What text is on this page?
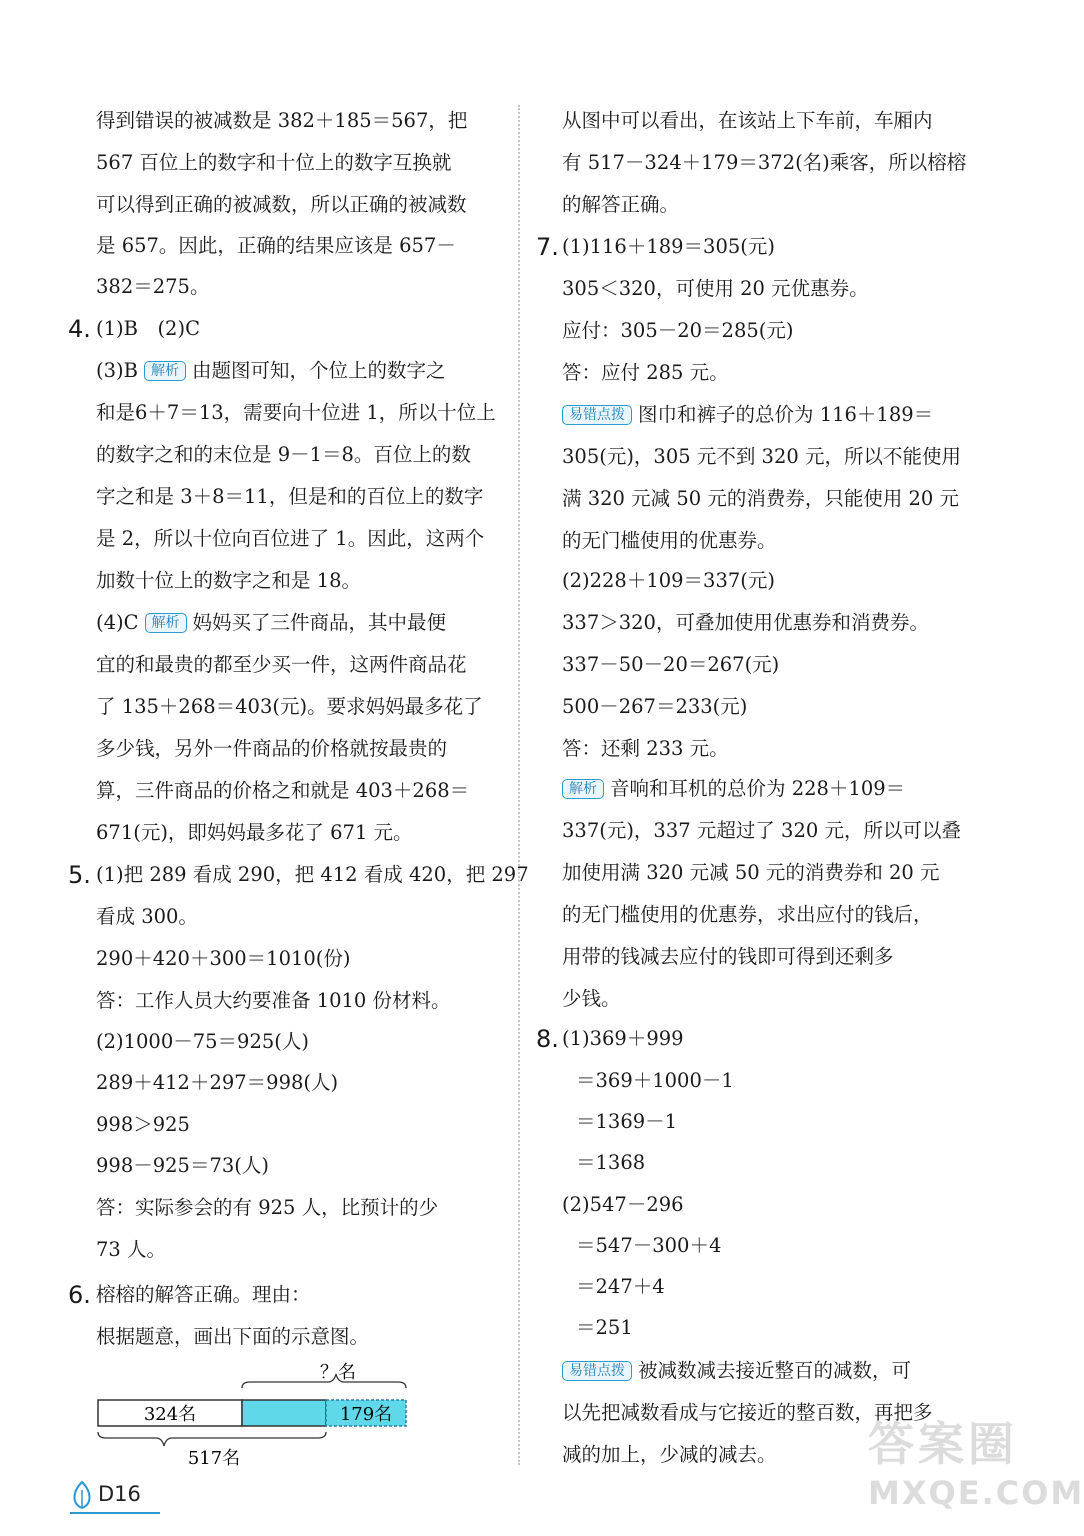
得到错误的被减数是 382＋185＝567，把
567 百位上的数字和十位上的数字互换就
可以得到正确的被减数，所以正确的被减数
是 657。因此，正确的结果应该是 657－
382＝275。
4. (1)B　(2)C
(3)B 解析 由题图可知，个位上的数字之
和是6＋7＝13，需要向十位进 1，所以十位上
的数字之和的末位是 9－1＝8。百位上的数
字之和是 3＋8＝11，但是和的百位上的数字
是 2，所以十位向百位进了 1。因此，这两个
加数十位上的数字之和是 18。
(4)C 解析 妈妈买了三件商品，其中最便
宜的和最贵的都至少买一件，这两件商品花
了 135＋268＝403(元)。要求妈妈最多花了
多少钱，另外一件商品的价格就按最贵的
算，三件商品的价格之和就是 403＋268＝
671(元)，即妈妈最多花了 671 元。
5. (1)把 289 看成 290，把 412 看成 420，把 297
看成 300。
290＋420＋300＝1010(份)
答：工作人员大约要准备 1010 份材料。
(2)1000－75＝925(人)
289＋412＋297＝998(人)
998＞925
998－925＝73(人)
答：实际参会的有 925 人，比预计的少
73 人。
6. 榕榕的解答正确。理由：
根据题意，画出下面的示意图。
？名
324名	179名
517名
从图中可以看出，在该站上下车前，车厢内
有 517－324＋179＝372(名)乘客，所以榕榕
的解答正确。
7. (1)116＋189＝305(元)
305＜320，可使用 20 元优惠券。
应付：305－20＝285(元)
答：应付 285 元。
易错点拨 图巾和裤子的总价为 116＋189＝
305(元)，305 元不到 320 元，所以不能使用
满 320 元减 50 元的消费券，只能使用 20 元
的无门槛使用的优惠券。
(2)228＋109＝337(元)
337＞320，可叠加使用优惠券和消费券。
337－50－20＝267(元)
500－267＝233(元)
答：还剩 233 元。
解析 音响和耳机的总价为 228＋109＝
337(元)，337 元超过了 320 元，所以可以叠
加使用满 320 元减 50 元的消费券和 20 元
的无门槛使用的优惠券，求出应付的钱后，
用带的钱减去应付的钱即可得到还剩多
少钱。
8. (1)369＋999
＝369＋1000－1
＝1369－1
＝1368
(2)547－296
＝547－300＋4
＝247＋4
＝251
易错点拨 被减数减去接近整百的减数，可
以先把减数看成与它接近的整百数，再把多
减的加上，少减的减去。
D16
答案圈
MXQE.COM
